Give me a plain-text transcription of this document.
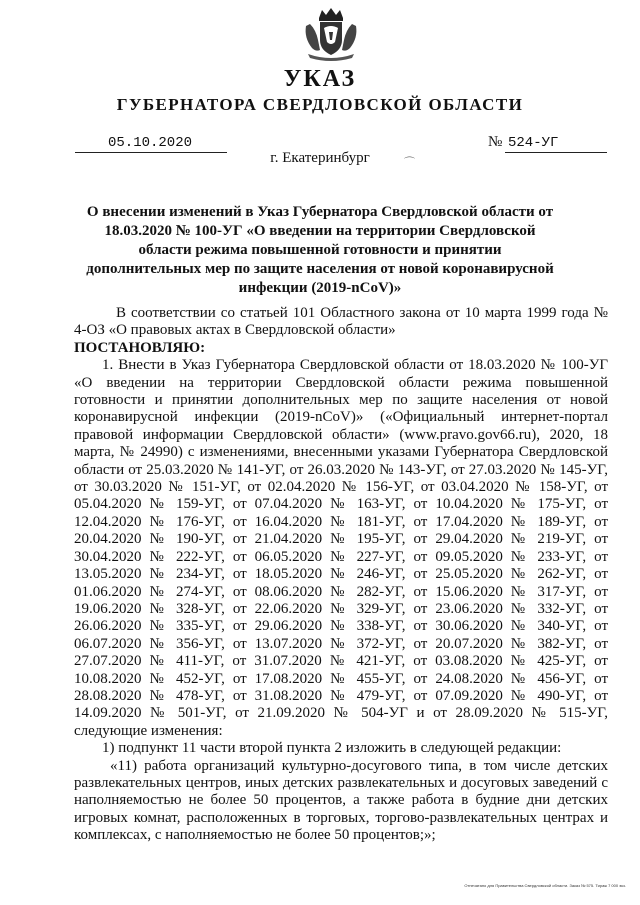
УКАЗ
ГУБЕРНАТОРА СВЕРДЛОВСКОЙ ОБЛАСТИ
05.10.2020	№ 524-УГ
г. Екатеринбург	⌒
О внесении изменений в Указ Губернатора Свердловской области от 18.03.2020 № 100-УГ «О введении на территории Свердловской области режима повышенной готовности и принятии дополнительных мер по защите населения от новой коронавирусной инфекции (2019-nCoV)»

В соответствии со статьей 101 Областного закона от 10 марта 1999 года № 4-ОЗ «О правовых актах в Свердловской области»

ПОСТАНОВЛЯЮ:

1. Внести в Указ Губернатора Свердловской области от 18.03.2020 № 100-УГ «О введении на территории Свердловской области режима повышенной готовности и принятии дополнительных мер по защите населения от новой коронавирусной инфекции (2019-nCoV)» («Официальный интернет-портал правовой информации Свердловской области» (www.pravo.gov66.ru), 2020, 18 марта, № 24990) с изменениями, внесенными указами Губернатора Свердловской области от 25.03.2020 № 141-УГ, от 26.03.2020 № 143-УГ, от 27.03.2020 № 145-УГ, от 30.03.2020 № 151-УГ, от 02.04.2020 № 156-УГ, от 03.04.2020 № 158-УГ, от 05.04.2020 № 159-УГ, от 07.04.2020 № 163-УГ, от 10.04.2020 № 175-УГ, от 12.04.2020 № 176-УГ, от 16.04.2020 № 181-УГ, от 17.04.2020 № 189-УГ, от 20.04.2020 № 190-УГ, от 21.04.2020 № 195-УГ, от 29.04.2020 № 219-УГ, от 30.04.2020 № 222-УГ, от 06.05.2020 № 227-УГ, от 09.05.2020 № 233-УГ, от 13.05.2020 № 234-УГ, от 18.05.2020 № 246-УГ, от 25.05.2020 № 262-УГ, от 01.06.2020 № 274-УГ, от 08.06.2020 № 282-УГ, от 15.06.2020 № 317-УГ, от 19.06.2020 № 328-УГ, от 22.06.2020 № 329-УГ, от 23.06.2020 № 332-УГ, от 26.06.2020 № 335-УГ, от 29.06.2020 № 338-УГ, от 30.06.2020 № 340-УГ, от 06.07.2020 № 356-УГ, от 13.07.2020 № 372-УГ, от 20.07.2020 № 382-УГ, от 27.07.2020 № 411-УГ, от 31.07.2020 № 421-УГ, от 03.08.2020 № 425-УГ, от 10.08.2020 № 452-УГ, от 17.08.2020 № 455-УГ, от 24.08.2020 № 456-УГ, от 28.08.2020 № 478-УГ, от 31.08.2020 № 479-УГ, от 07.09.2020 № 490-УГ, от 14.09.2020 № 501-УГ, от 21.09.2020 № 504-УГ и от 28.09.2020 № 515-УГ, следующие изменения:

1) подпункт 11 части второй пункта 2 изложить в следующей редакции:

«11) работа организаций культурно-досугового типа, в том числе детских развлекательных центров, иных детских развлекательных и досуговых заведений с наполняемостью не более 50 процентов, а также работа в будние дни детских игровых комнат, расположенных в торговых, торгово-развлекательных центрах и комплексах, с наполняемостью не более 50 процентов;»;

Отпечатано для Правительства Свердловской области. Заказ № 575. Тираж 7 000 экз.
